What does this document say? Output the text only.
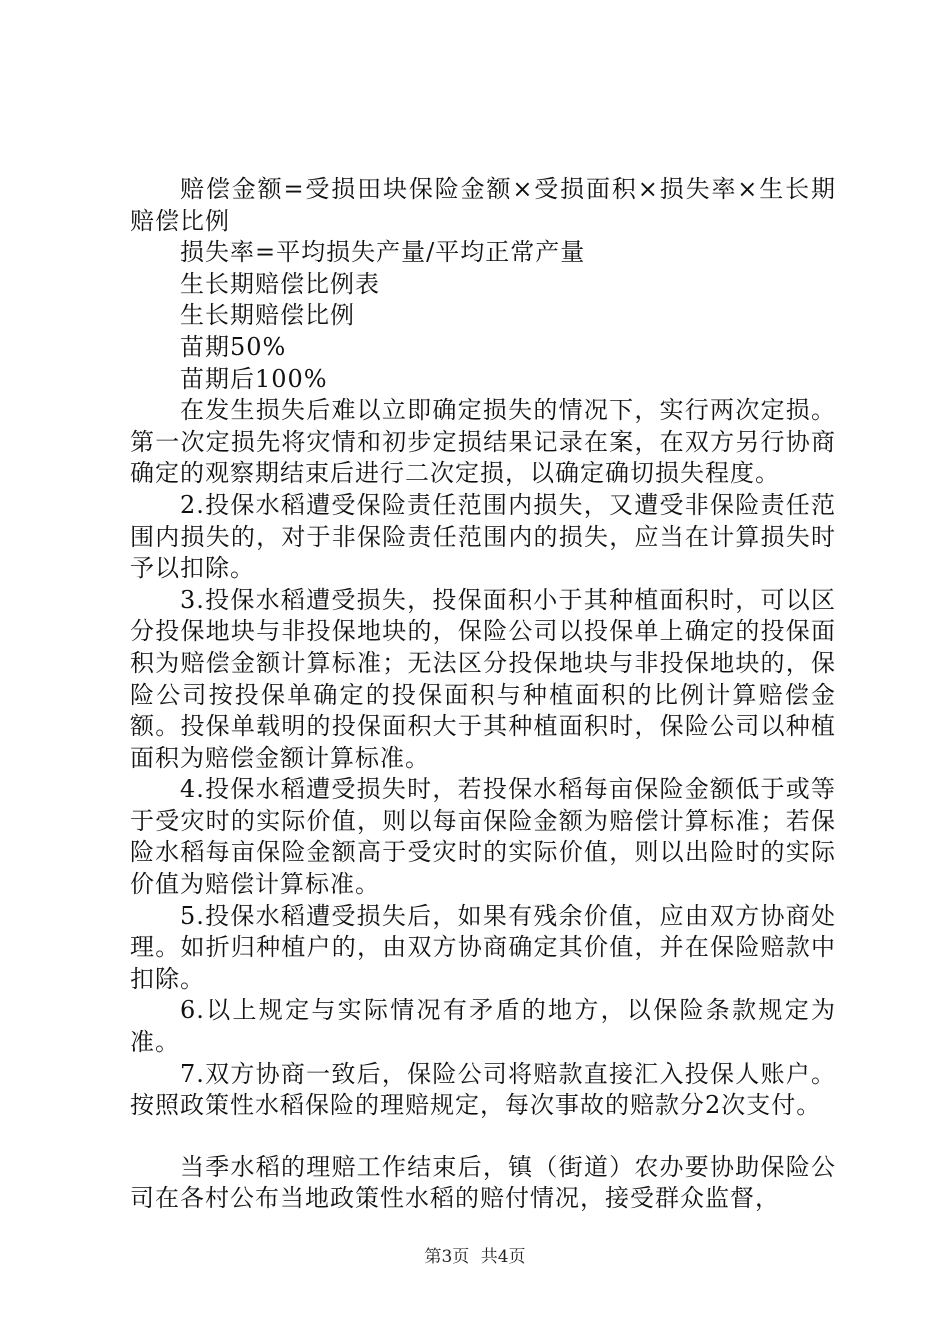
赔偿金额=受损田块保险金额×受损面积×损失率×生长期赔偿比例

损失率=平均损失产量/平均正常产量

生长期赔偿比例表

生长期赔偿比例

苗期50%

苗期后100%

在发生损失后难以立即确定损失的情况下，实行两次定损。第一次定损先将灾情和初步定损结果记录在案，在双方另行协商确定的观察期结束后进行二次定损，以确定确切损失程度。

2.投保水稻遭受保险责任范围内损失，又遭受非保险责任范围内损失的，对于非保险责任范围内的损失，应当在计算损失时予以扣除。

3.投保水稻遭受损失，投保面积小于其种植面积时，可以区分投保地块与非投保地块的，保险公司以投保单上确定的投保面积为赔偿金额计算标准；无法区分投保地块与非投保地块的，保险公司按投保单确定的投保面积与种植面积的比例计算赔偿金额。投保单载明的投保面积大于其种植面积时，保险公司以种植面积为赔偿金额计算标准。

4.投保水稻遭受损失时，若投保水稻每亩保险金额低于或等于受灾时的实际价值，则以每亩保险金额为赔偿计算标准；若保险水稻每亩保险金额高于受灾时的实际价值，则以出险时的实际价值为赔偿计算标准。

5.投保水稻遭受损失后，如果有残余价值，应由双方协商处理。如折归种植户的，由双方协商确定其价值，并在保险赔款中扣除。

6.以上规定与实际情况有矛盾的地方，以保险条款规定为准。

7.双方协商一致后，保险公司将赔款直接汇入投保人账户。按照政策性水稻保险的理赔规定，每次事故的赔款分2次支付。

当季水稻的理赔工作结束后，镇（街道）农办要协助保险公司在各村公布当地政策性水稻的赔付情况，接受群众监督，

第3页 共4页
